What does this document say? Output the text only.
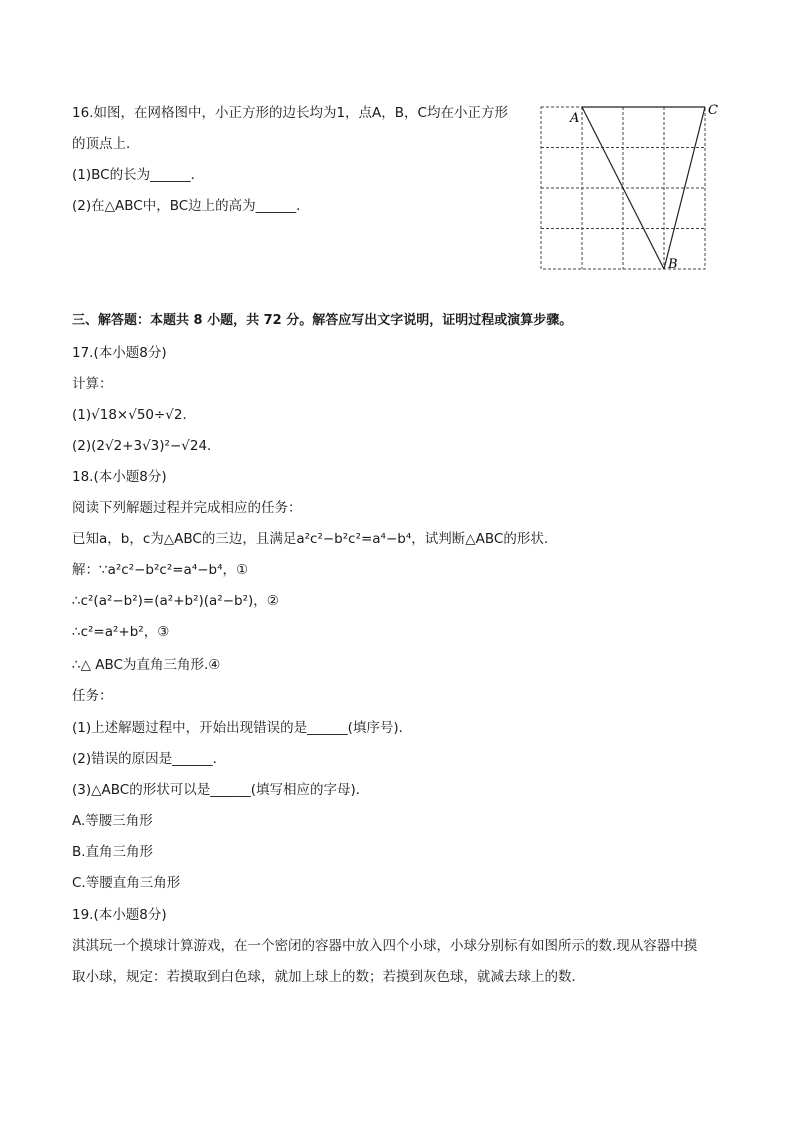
16.如图，在网格图中，小正方形的边长均为1，点A，B，C均在小正方形
的顶点上．
(1)BC的长为______．
(2)在△ABC中，BC边上的高为______．
A
C
B
三、解答题：本题共 8 小题，共 72 分。解答应写出文字说明，证明过程或演算步骤。
17.(本小题8分)
计算：
(1)√18×√50÷√2．
(2)(2√2+3√3)²−√24．
18.(本小题8分)
阅读下列解题过程并完成相应的任务：
已知a，b，c为△ABC的三边，且满足a²c²−b²c²=a⁴−b⁴，试判断△ABC的形状．
解：∵a²c²−b²c²=a⁴−b⁴，①
∴c²(a²−b²)=(a²+b²)(a²−b²)，②
∴c²=a²+b²，③
∴△ ABC为直角三角形.④
任务：
(1)上述解题过程中，开始出现错误的是______(填序号)．
(2)错误的原因是______．
(3)△ABC的形状可以是______(填写相应的字母)．
A.等腰三角形
B.直角三角形
C.等腰直角三角形
19.(本小题8分)
淇淇玩一个摸球计算游戏，在一个密闭的容器中放入四个小球，小球分别标有如图所示的数.现从容器中摸
取小球，规定：若摸取到白色球，就加上球上的数；若摸到灰色球，就减去球上的数．
